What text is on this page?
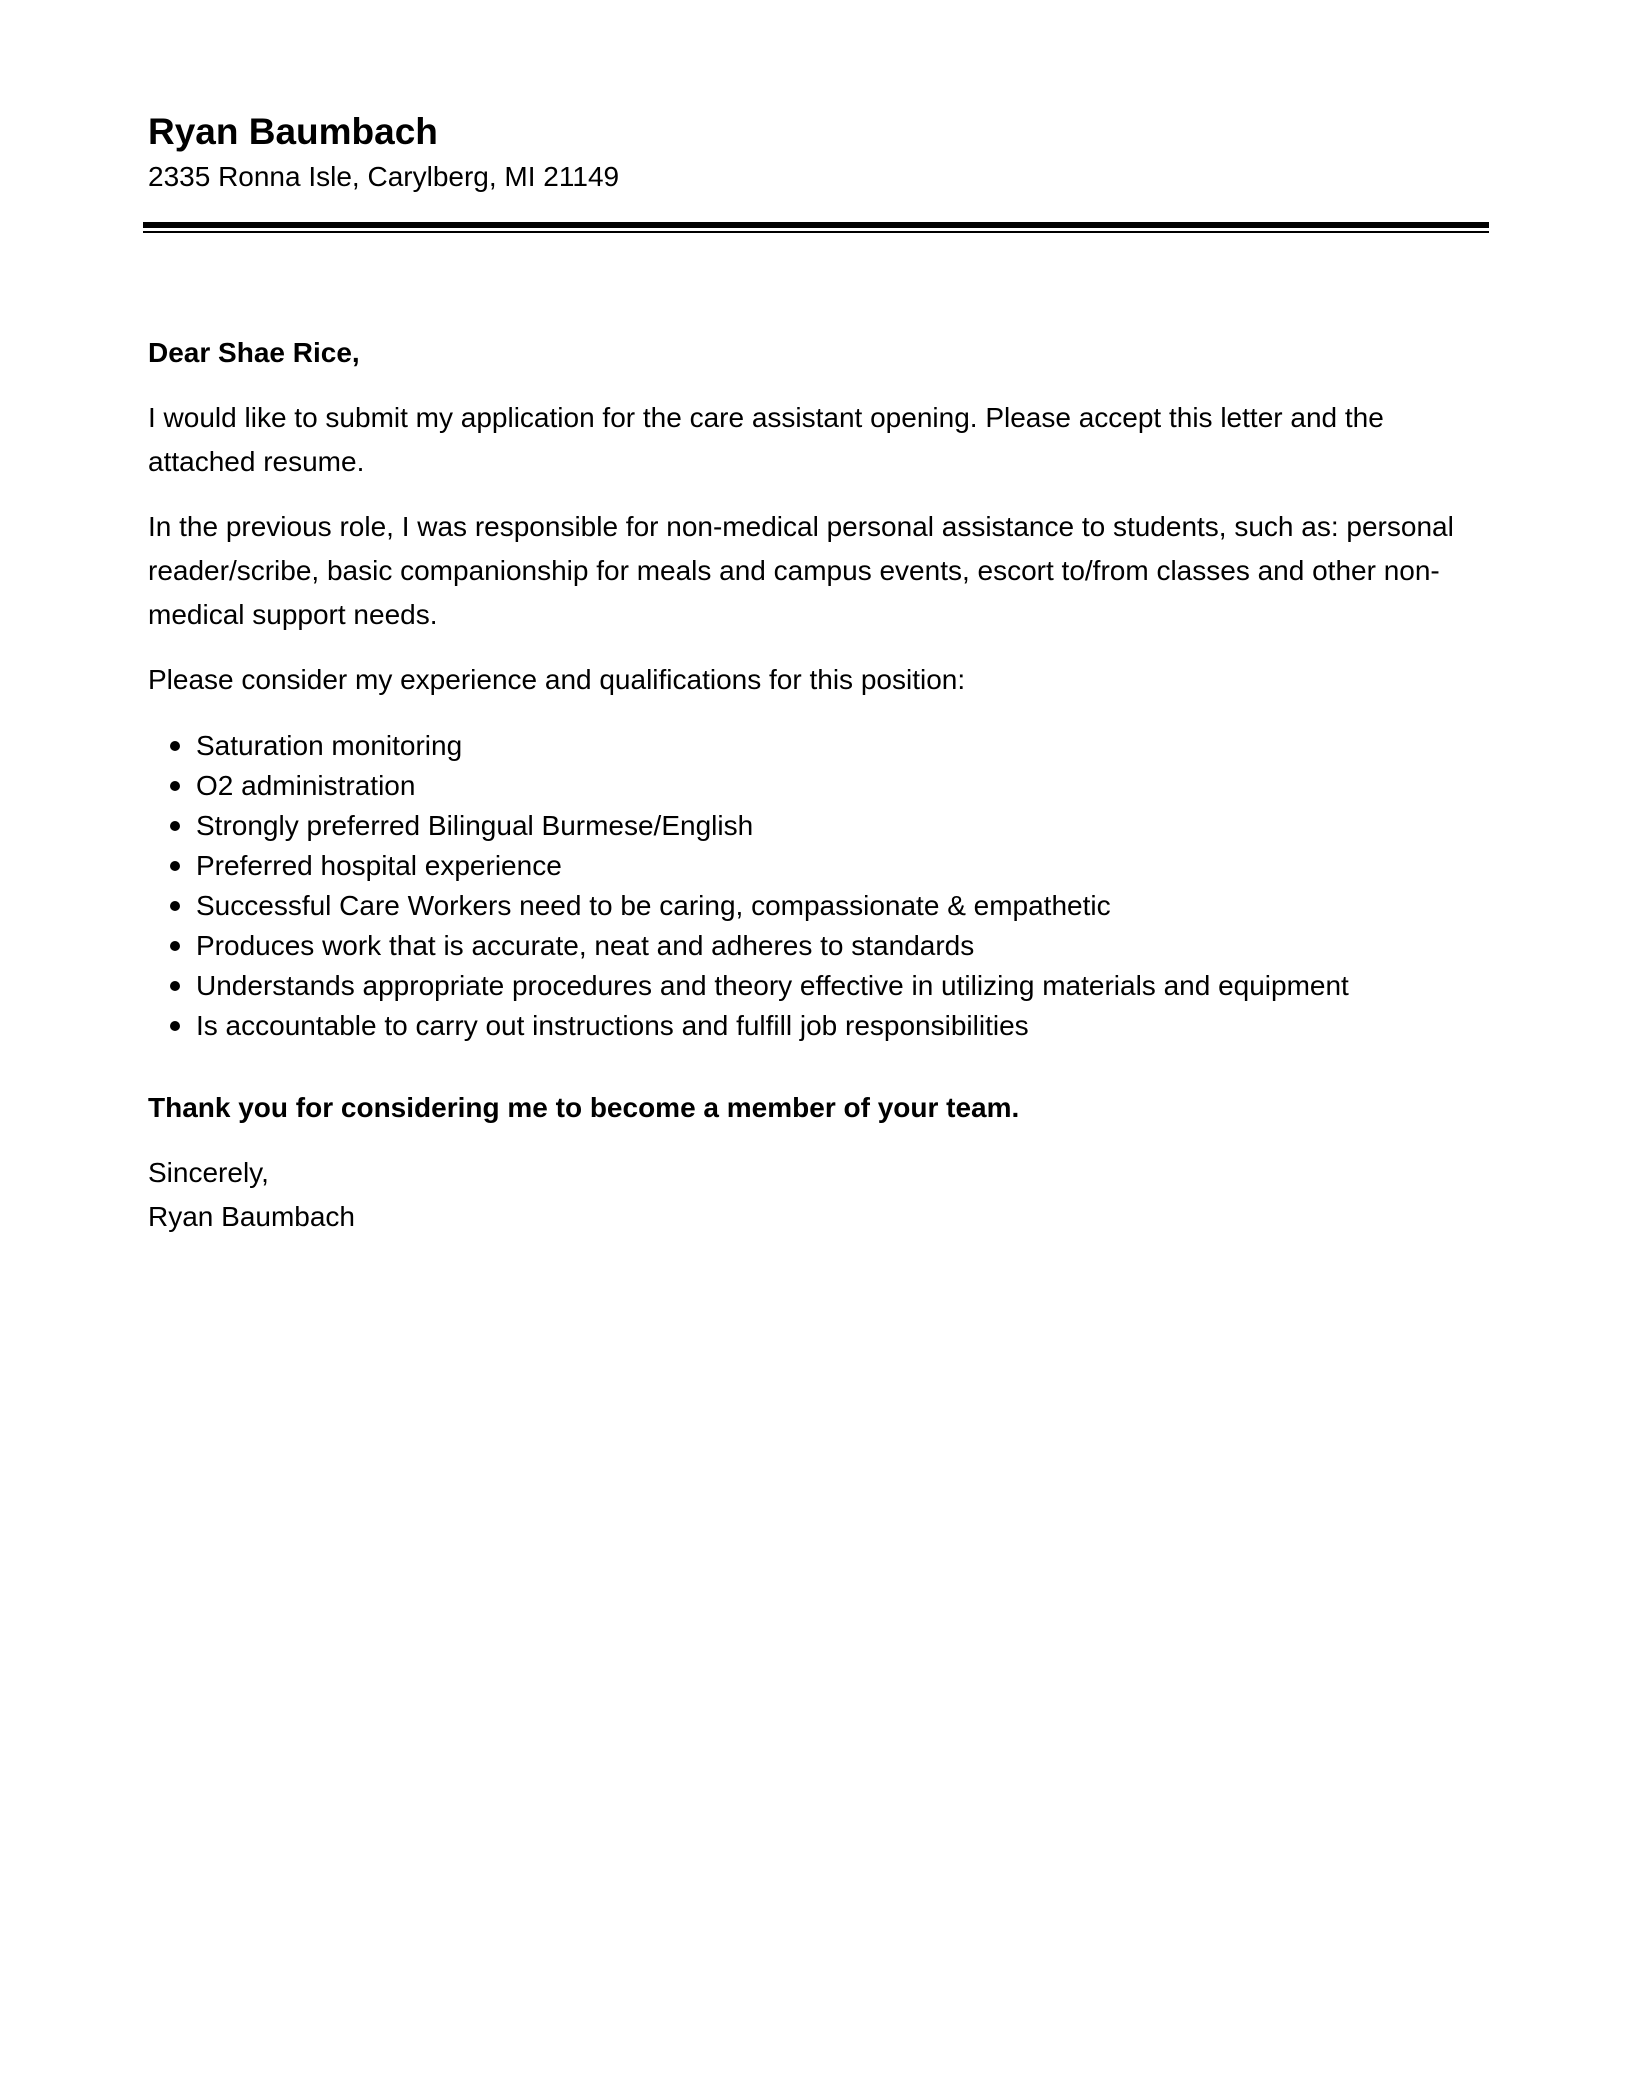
Ryan Baumbach
2335 Ronna Isle, Carylberg, MI 21149

Dear Shae Rice,

I would like to submit my application for the care assistant opening. Please accept this letter and the attached resume.

In the previous role, I was responsible for non-medical personal assistance to students, such as: personal reader/scribe, basic companionship for meals and campus events, escort to/from classes and other non-medical support needs.

Please consider my experience and qualifications for this position:

Saturation monitoring
O2 administration
Strongly preferred Bilingual Burmese/English
Preferred hospital experience
Successful Care Workers need to be caring, compassionate & empathetic
Produces work that is accurate, neat and adheres to standards
Understands appropriate procedures and theory effective in utilizing materials and equipment
Is accountable to carry out instructions and fulfill job responsibilities

Thank you for considering me to become a member of your team.

Sincerely,

Ryan Baumbach
